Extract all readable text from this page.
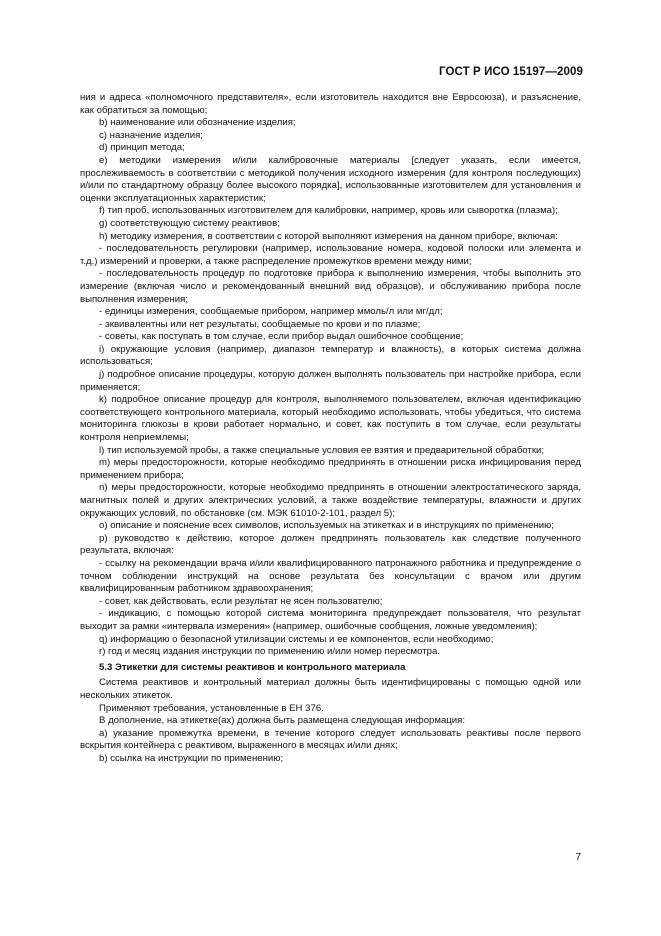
ГОСТ Р ИСО 15197—2009

ния и адреса «полномочного представителя», если изготовитель находится вне Евросоюза), и разъяснение, как обратиться за помощью;

b) наименование или обозначение изделия;

c) назначение изделия;

d) принцип метода;

e) методики измерения и/или калибровочные материалы [следует указать, если имеется, прослеживаемость в соответствии с методикой получения исходного измерения (для контроля последующих) и/или по стандартному образцу более высокого порядка], использованные изготовителем для установления и оценки эксплуатационных характеристик;

f) тип проб, использованных изготовителем для калибровки, например, кровь или сыворотка (плазма);

g) соответствующую систему реактивов;

h) методику измерения, в соответствии с которой выполняют измерения на данном приборе, включая:

- последовательность регулировки (например, использование номера, кодовой полоски или элемента и т.д.) измерений и проверки, а также распределение промежутков времени между ними;

- последовательность процедур по подготовке прибора к выполнению измерения, чтобы выполнить это измерение (включая число и рекомендованный внешний вид образцов), и обслуживанию прибора после выполнения измерения;

- единицы измерения, сообщаемые прибором, например ммоль/л или мг/дл;

- эквивалентны или нет результаты, сообщаемые по крови и по плазме;

- советы, как поступать в том случае, если прибор выдал ошибочное сообщение;

i) окружающие условия (например, диапазон температур и влажность), в которых система должна использоваться;

j) подробное описание процедуры, которую должен выполнять пользователь при настройке прибора, если применяется;

k) подробное описание процедур для контроля, выполняемого пользователем, включая идентификацию соответствующего контрольного материала, который необходимо использовать, чтобы убедиться, что система мониторинга глюкозы в крови работает нормально, и совет, как поступить в том случае, если результаты контроля неприемлемы;

l) тип используемой пробы, а также специальные условия ее взятия и предварительной обработки;

m) меры предосторожности, которые необходимо предпринять в отношении риска инфицирования перед применением прибора;

n) меры предосторожности, которые необходимо предпринять в отношении электростатического заряда, магнитных полей и других электрических условий, а также воздействие температуры, влажности и других окружающих условий, по обстановке (см. МЭК 61010-2-101, раздел 5);

o) описание и пояснение всех символов, используемых на этикетках и в инструкциях по применению;

p) руководство к действию, которое должен предпринять пользователь как следствие полученного результата, включая:

- ссылку на рекомендации врача и/или квалифицированного патронажного работника и предупреждение о точном соблюдении инструкций на основе результата без консультации с врачом или другим квалифицированным работником здравоохранения;

- совет, как действовать, если результат не ясен пользователю;

- индикацию, с помощью которой система мониторинга предупреждает пользователя, что результат выходит за рамки «интервала измерения» (например, ошибочные сообщения, ложные уведомления);

q) информацию о безопасной утилизации системы и ее компонентов, если необходимо;

r) год и месяц издания инструкции по применению и/или номер пересмотра.

5.3 Этикетки для системы реактивов и контрольного материала

Система реактивов и контрольный материал должны быть идентифицированы с помощью одной или нескольких этикеток.

Применяют требования, установленные в ЕН 376.

В дополнение, на этикетке(ах) должна быть размещена следующая информация:

a) указание промежутка времени, в течение которого следует использовать реактивы после первого вскрытия контейнера с реактивом, выраженного в месяцах и/или днях;

b) ссылка на инструкции по применению;

7
